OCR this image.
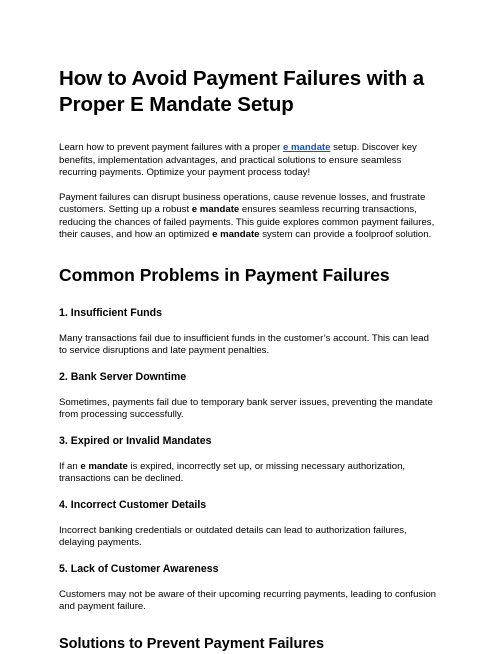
How to Avoid Payment Failures with a Proper E Mandate Setup

Learn how to prevent payment failures with a proper e mandate setup. Discover key benefits, implementation advantages, and practical solutions to ensure seamless recurring payments. Optimize your payment process today!

Payment failures can disrupt business operations, cause revenue losses, and frustrate customers. Setting up a robust e mandate ensures seamless recurring transactions, reducing the chances of failed payments. This guide explores common payment failures, their causes, and how an optimized e mandate system can provide a foolproof solution.

Common Problems in Payment Failures
1. Insufficient Funds

Many transactions fail due to insufficient funds in the customer’s account. This can lead to service disruptions and late payment penalties.

2. Bank Server Downtime

Sometimes, payments fail due to temporary bank server issues, preventing the mandate from processing successfully.

3. Expired or Invalid Mandates

If an e mandate is expired, incorrectly set up, or missing necessary authorization, transactions can be declined.

4. Incorrect Customer Details

Incorrect banking credentials or outdated details can lead to authorization failures, delaying payments.

5. Lack of Customer Awareness

Customers may not be aware of their upcoming recurring payments, leading to confusion and payment failure.

Solutions to Prevent Payment Failures
